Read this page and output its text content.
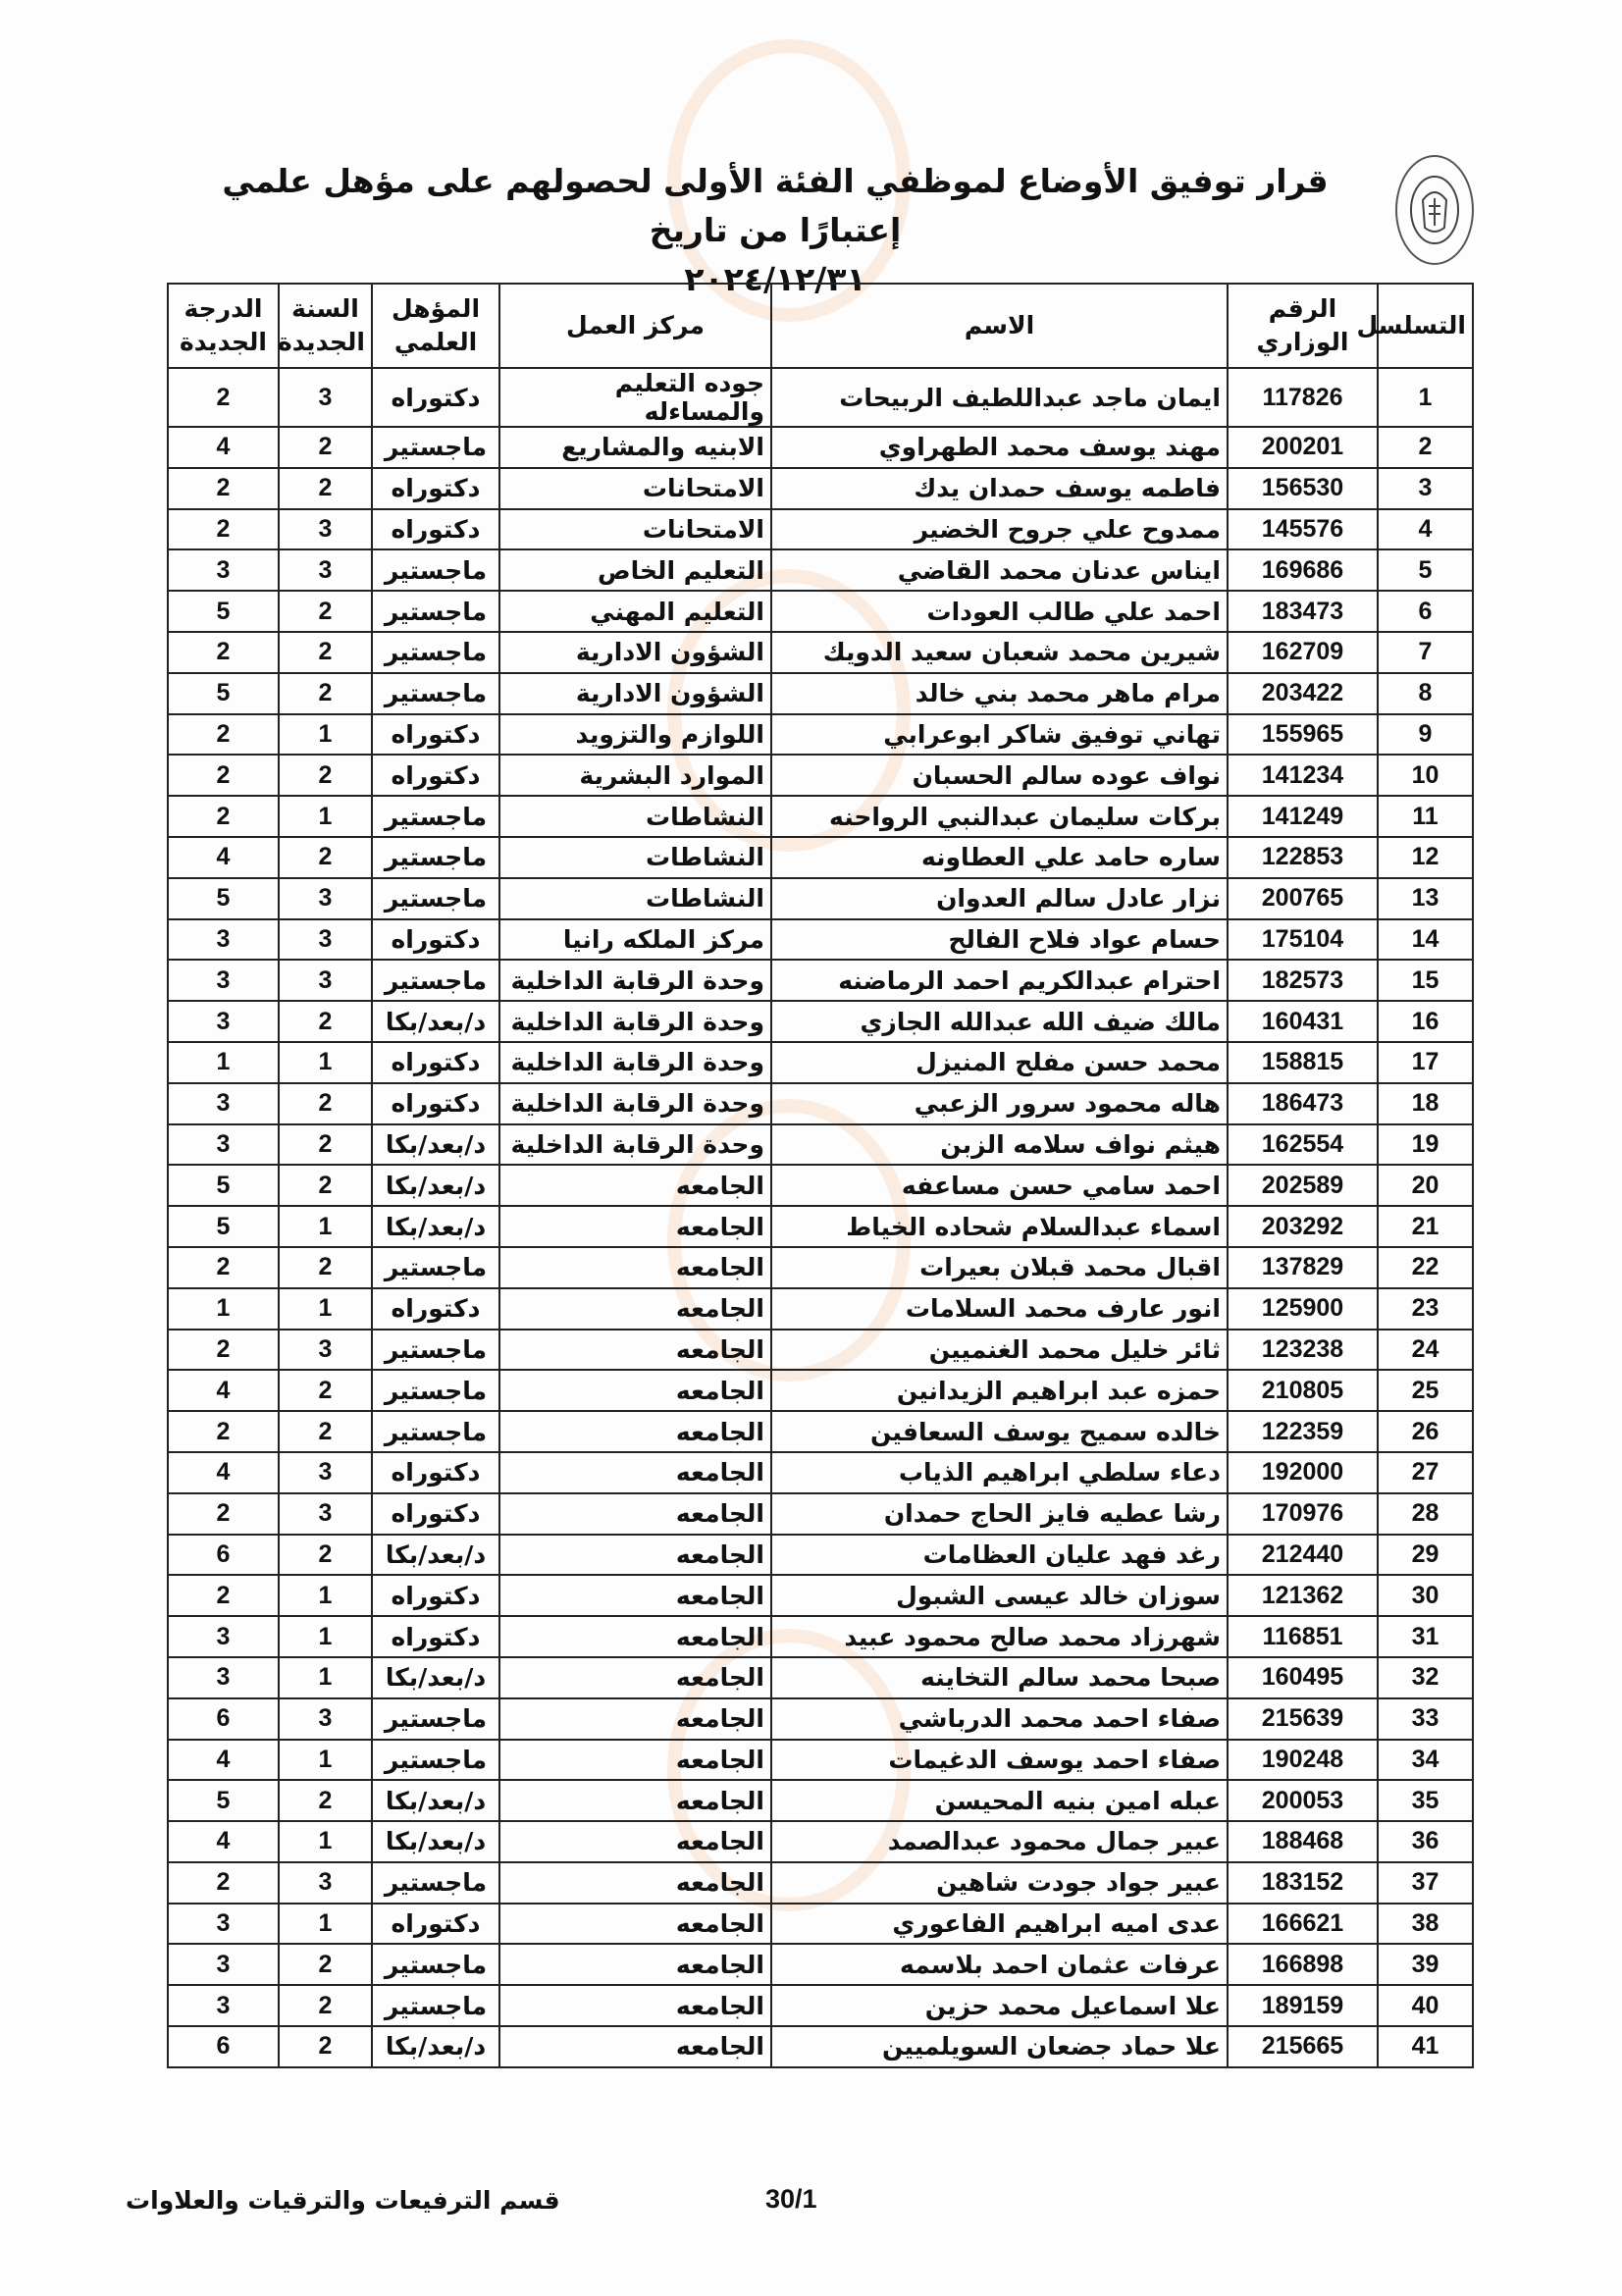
قرار توفيق الأوضاع لموظفي الفئة الأولى لحصولهم على مؤهل علمي إعتبارًا من تاريخ
٢٠٢٤/١٢/٣١
التسلسل	الرقم الوزاري	الاسم	مركز العمل	المؤهل العلمي	السنة الجديدة	الدرجة الجديدة
1	117826	ايمان ماجد عبداللطيف الربيحات	جوده التعليم والمساءله	دكتوراه	3	2
2	200201	مهند يوسف محمد الطهراوي	الابنيه والمشاريع	ماجستير	2	4
3	156530	فاطمه يوسف حمدان يدك	الامتحانات	دكتوراه	2	2
4	145576	ممدوح علي جروح الخضير	الامتحانات	دكتوراه	3	2
5	169686	ايناس عدنان محمد القاضي	التعليم الخاص	ماجستير	3	3
6	183473	احمد علي طالب العودات	التعليم المهني	ماجستير	2	5
7	162709	شيرين محمد شعبان سعيد الدويك	الشؤون الادارية	ماجستير	2	2
8	203422	مرام ماهر محمد بني خالد	الشؤون الادارية	ماجستير	2	5
9	155965	تهاني توفيق شاكر ابوعرابي	اللوازم والتزويد	دكتوراه	1	2
10	141234	نواف عوده سالم الحسبان	الموارد البشرية	دكتوراه	2	2
11	141249	بركات سليمان عبدالنبي الرواحنه	النشاطات	ماجستير	1	2
12	122853	ساره حامد علي العطاونه	النشاطات	ماجستير	2	4
13	200765	نزار عادل سالم العدوان	النشاطات	ماجستير	3	5
14	175104	حسام عواد فلاح الفالح	مركز الملكه رانيا	دكتوراه	3	3
15	182573	احترام عبدالكريم احمد الرماضنه	وحدة الرقابة الداخلية	ماجستير	3	3
16	160431	مالك ضيف الله عبدالله الجازي	وحدة الرقابة الداخلية	د/بعد/بكا	2	3
17	158815	محمد حسن مفلح المنيزل	وحدة الرقابة الداخلية	دكتوراه	1	1
18	186473	هاله محمود سرور الزعبي	وحدة الرقابة الداخلية	دكتوراه	2	3
19	162554	هيثم نواف سلامه الزبن	وحدة الرقابة الداخلية	د/بعد/بكا	2	3
20	202589	احمد سامي حسن مساعفه	الجامعه	د/بعد/بكا	2	5
21	203292	اسماء عبدالسلام شحاده الخياط	الجامعه	د/بعد/بكا	1	5
22	137829	اقبال محمد قبلان بعيرات	الجامعه	ماجستير	2	2
23	125900	انور عارف محمد السلامات	الجامعه	دكتوراه	1	1
24	123238	ثائر خليل محمد الغنميين	الجامعه	ماجستير	3	2
25	210805	حمزه عبد ابراهيم الزيدانين	الجامعه	ماجستير	2	4
26	122359	خالده سميح يوسف السعافين	الجامعه	ماجستير	2	2
27	192000	دعاء سلطي ابراهيم الذياب	الجامعه	دكتوراه	3	4
28	170976	رشا عطيه فايز الحاج حمدان	الجامعه	دكتوراه	3	2
29	212440	رغد فهد عليان العظامات	الجامعه	د/بعد/بكا	2	6
30	121362	سوزان خالد عيسى الشبول	الجامعه	دكتوراه	1	2
31	116851	شهرزاد محمد صالح محمود عبيد	الجامعه	دكتوراه	1	3
32	160495	صبحا محمد سالم التخاينه	الجامعه	د/بعد/بكا	1	3
33	215639	صفاء احمد محمد الدرباشي	الجامعه	ماجستير	3	6
34	190248	صفاء احمد يوسف الدغيمات	الجامعه	ماجستير	1	4
35	200053	عبله امين بنيه المحيسن	الجامعه	د/بعد/بكا	2	5
36	188468	عبير جمال محمود عبدالصمد	الجامعه	د/بعد/بكا	1	4
37	183152	عبير جواد جودت شاهين	الجامعه	ماجستير	3	2
38	166621	عدى اميه ابراهيم الفاعوري	الجامعه	دكتوراه	1	3
39	166898	عرفات عثمان احمد بلاسمه	الجامعه	ماجستير	2	3
40	189159	علا اسماعيل محمد حزين	الجامعه	ماجستير	2	3
41	215665	علا حماد جضعان السويلميين	الجامعه	د/بعد/بكا	2	6
قسم الترفيعات والترقيات والعلاوات	30/1
